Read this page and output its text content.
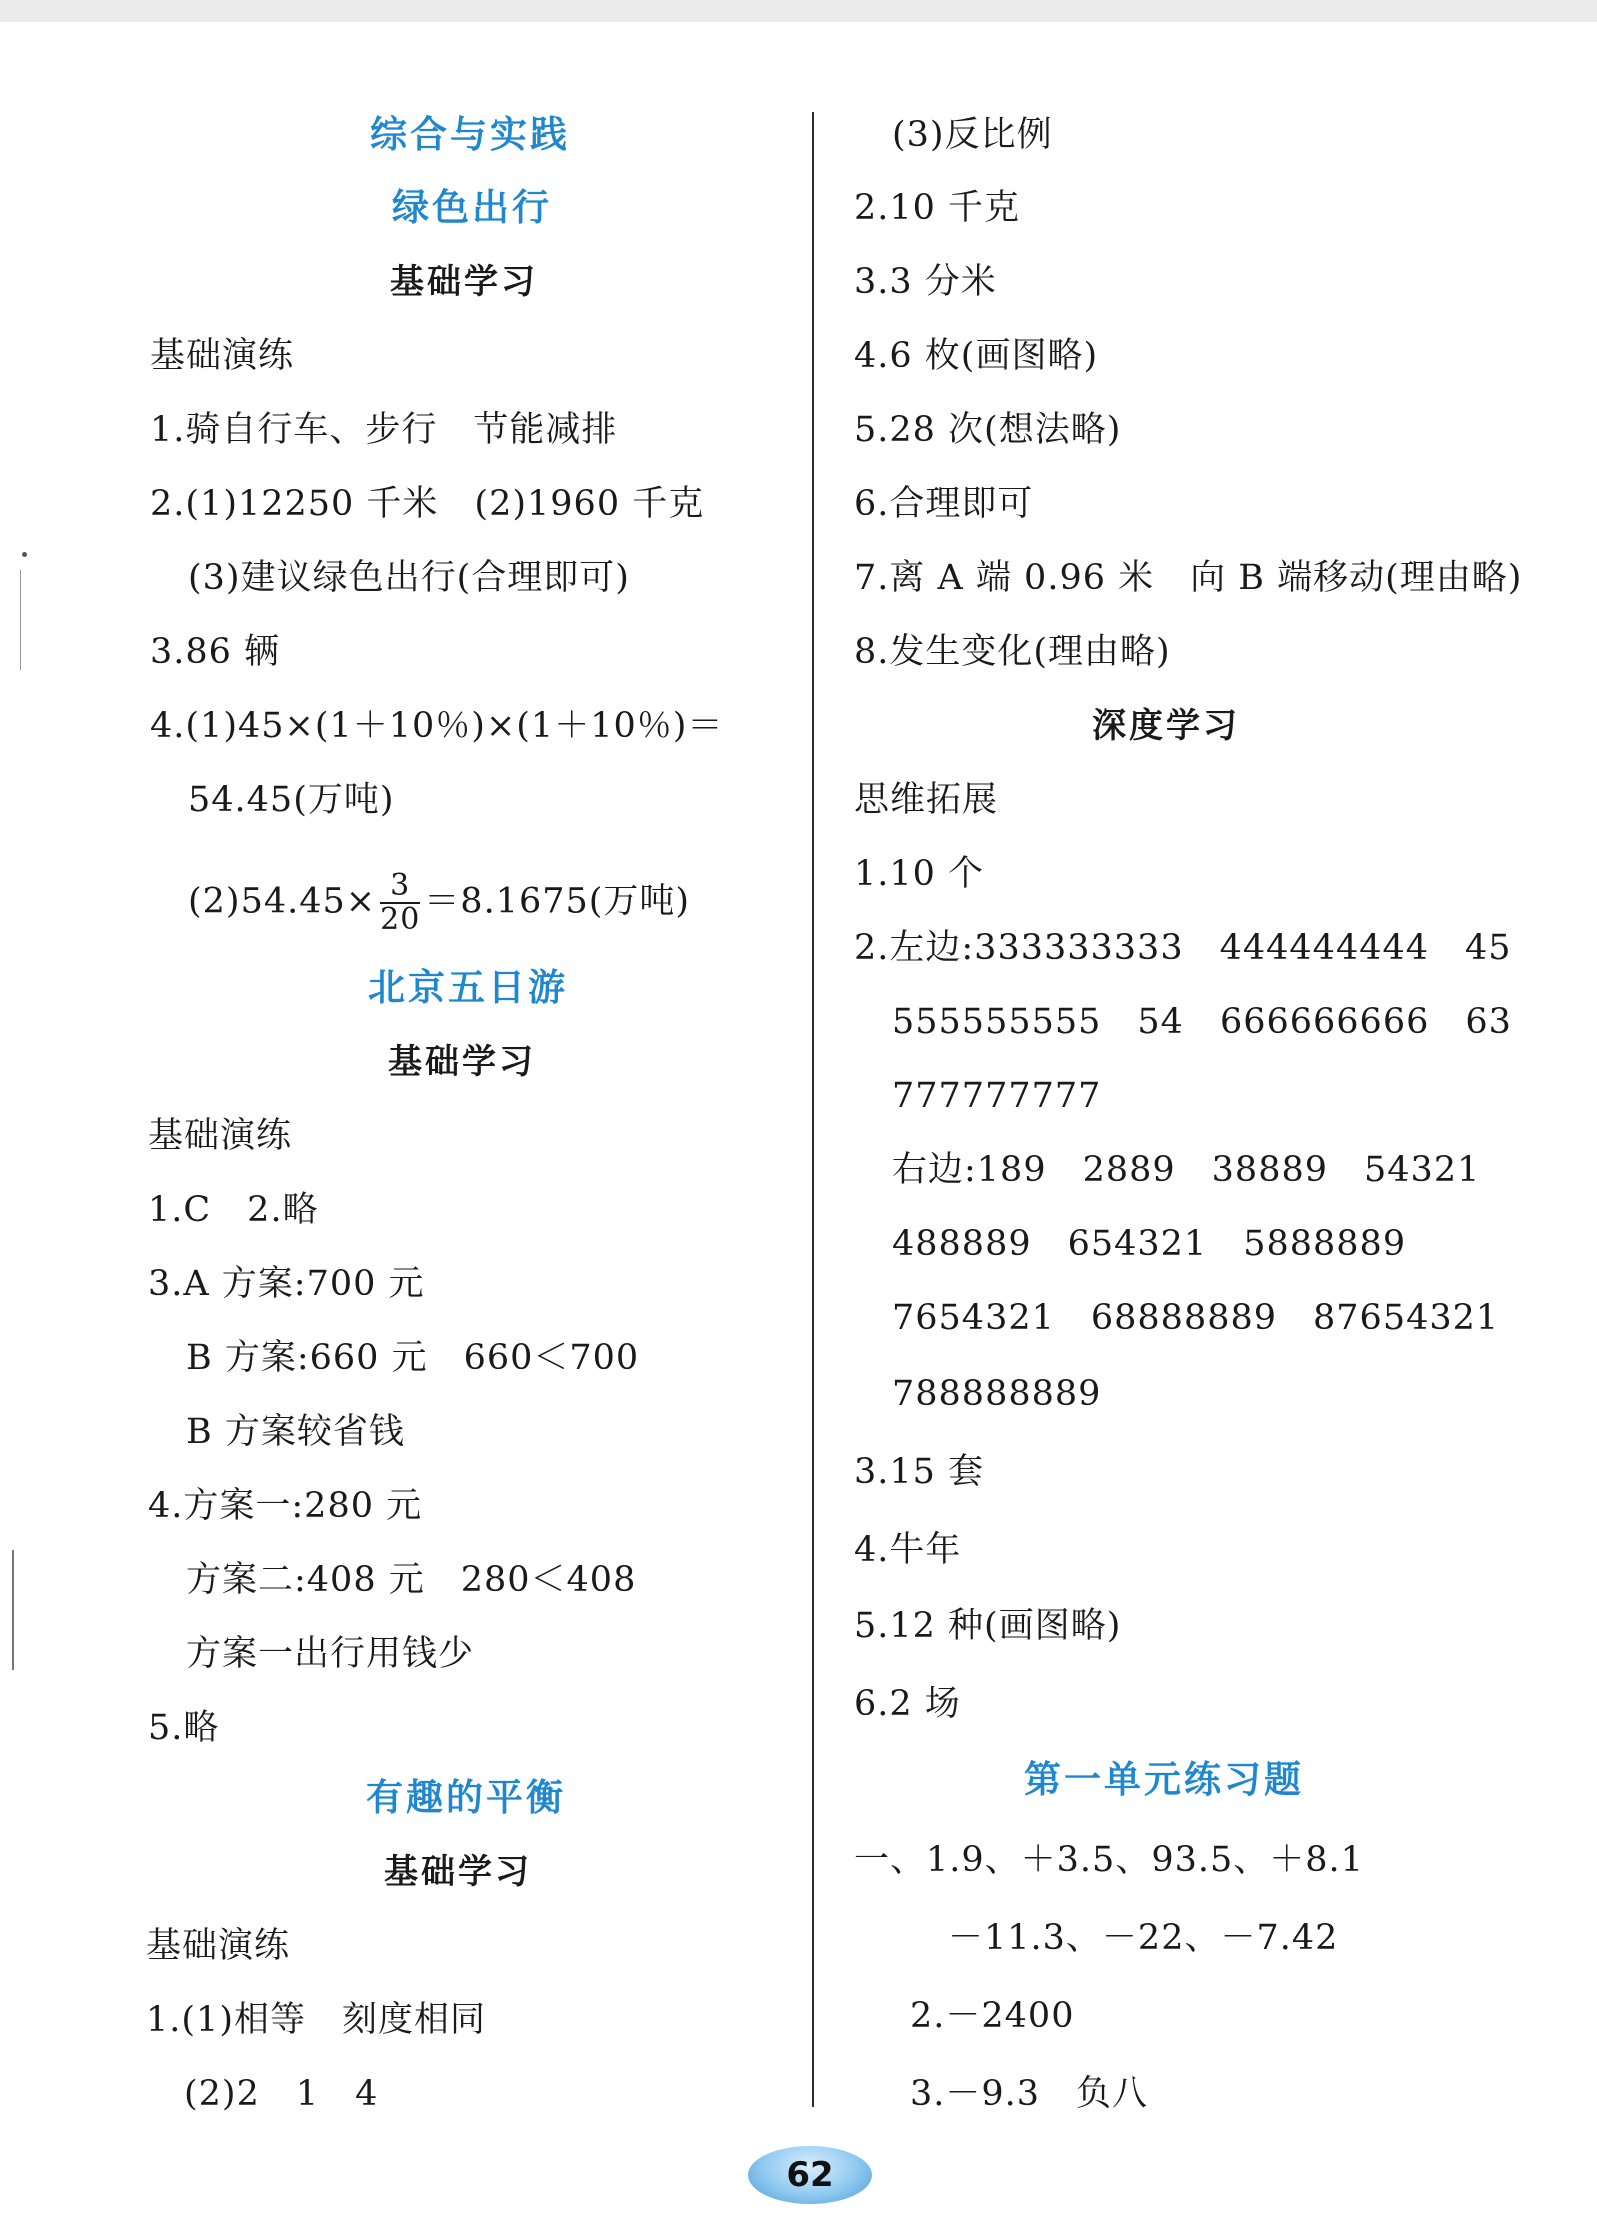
综合与实践
绿色出行
基础学习
基础演练
1.骑自行车、步行　节能减排
2.(1)12250 千米　(2)1960 千克
(3)建议绿色出行(合理即可)
3.86 辆
4.(1)45×(1＋10％)×(1＋10％)＝
54.45(万吨)
$(2)54.45\times \frac{3}{20} =8.1675$(万吨)
北京五日游
基础学习
基础演练
1.C　2.略
3.A 方案:700 元
B 方案:660 元　660＜700
B 方案较省钱
4.方案一:280 元
方案二:408 元　280＜408
方案一出行用钱少
5.略
有趣的平衡
基础学习
基础演练
1.(1)相等　刻度相同
(2)2　1　4
(3)反比例
2.10 千克
3.3 分米
4.6 枚(画图略)
5.28 次(想法略)
6.合理即可
7.离 A 端 0.96 米　向 B 端移动(理由略)
8.发生变化(理由略)
深度学习
思维拓展
1.10 个
2.左边:333333333　444444444　45
555555555　54　666666666　63
777777777
右边:189　2889　38889　54321
488889　654321　5888889
7654321　68888889　87654321
788888889
3.15 套
4.牛年
5.12 种(画图略)
6.2 场
第一单元练习题
一、1.9、＋3.5、93.5、＋8.1
－11.3、－22、－7.42
2.－2400
3.－9.3　负八
62
